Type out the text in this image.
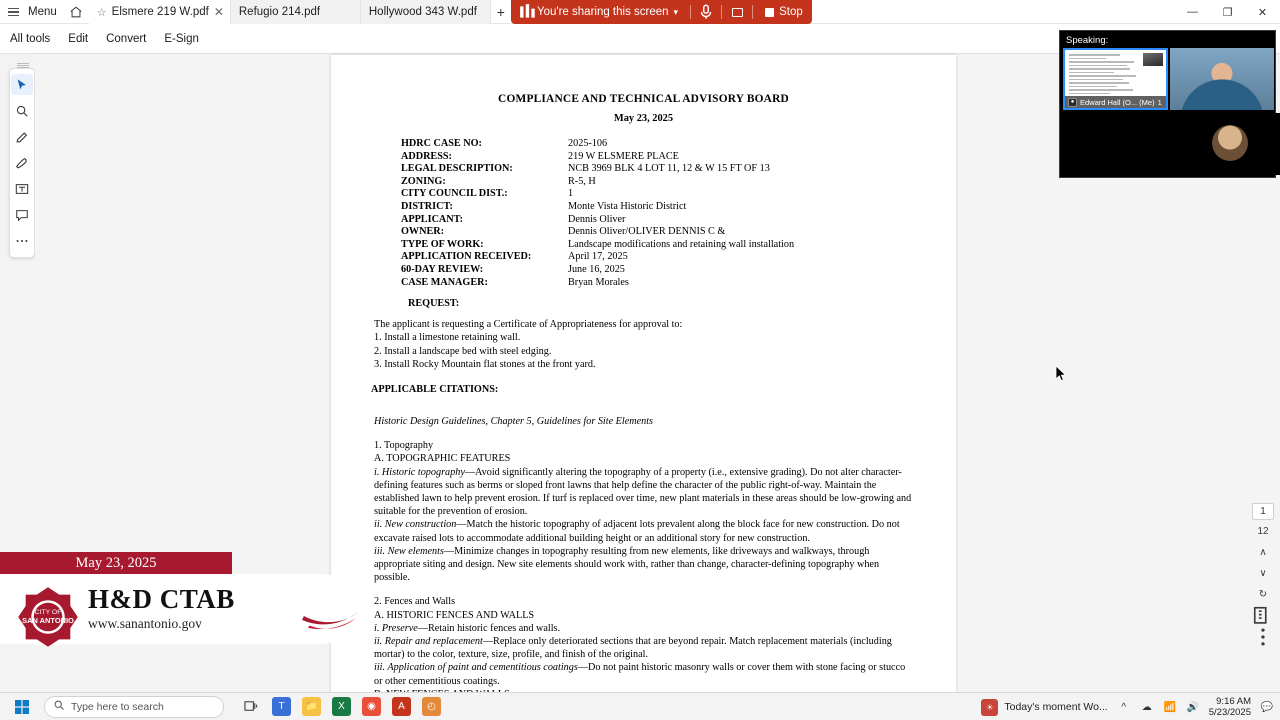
Menu	☆ Elsmere 219 W.pdf ✕ Refugio 214.pdf	Hollywood 343 W.pdf	+	You're sharing this screen ▾	Stop	—	❐	✕
All tools Edit Convert E-Sign
COMPLIANCE AND TECHNICAL ADVISORY BOARD
May 23, 2025
HDRC CASE NO:	2025-106
ADDRESS:	219 W ELSMERE PLACE
LEGAL DESCRIPTION:	NCB 3969 BLK 4 LOT 11, 12 & W 15 FT OF 13
ZONING:	R-5, H
CITY COUNCIL DIST.:	1
DISTRICT:	Monte Vista Historic District
APPLICANT:	Dennis Oliver
OWNER:	Dennis Oliver/OLIVER DENNIS C &
TYPE OF WORK:	Landscape modifications and retaining wall installation
APPLICATION RECEIVED:	April 17, 2025
60-DAY REVIEW:	June 16, 2025
CASE MANAGER:	Bryan Morales
REQUEST:

The applicant is requesting a Certificate of Appropriateness for approval to:

1. Install a limestone retaining wall.

2. Install a landscape bed with steel edging.

3. Install Rocky Mountain flat stones at the front yard.

APPLICABLE CITATIONS:

Historic Design Guidelines, Chapter 5, Guidelines for Site Elements

1. Topography

A. TOPOGRAPHIC FEATURES

i. Historic topography—Avoid significantly altering the topography of a property (i.e., extensive grading). Do not alter character-defining features such as berms or sloped front lawns that help define the character of the public right-of-way. Maintain the established lawn to help prevent erosion. If turf is replaced over time, new plant materials in these areas should be low-growing and suitable for the prevention of erosion.

ii. New construction—Match the historic topography of adjacent lots prevalent along the block face for new construction. Do not excavate raised lots to accommodate additional building height or an additional story for new construction.

iii. New elements—Minimize changes in topography resulting from new elements, like driveways and walkways, through appropriate siting and design. New site elements should work with, rather than change, character-defining topography when possible.

2. Fences and Walls

A. HISTORIC FENCES AND WALLS

i. Preserve—Retain historic fences and walls.

ii. Repair and replacement—Replace only deteriorated sections that are beyond repair. Match replacement materials (including mortar) to the color, texture, size, profile, and finish of the original.

iii. Application of paint and cementitious coatings—Do not paint historic masonry walls or cover them with stone facing or stucco or other cementitious coatings.

Speaking:
● Edward Hall (O... (Me) 1
1
12
∧
∨
↻
May 23, 2025
CITY OF
SAN ANTONIO
H&D CTAB
www.sanantonio.gov
Type here to search	T	📁	X	◉	A	◴	☀	Today's moment Wo...	^	☁ 📶 🔊	9:16 AM
5/23/2025 💬
